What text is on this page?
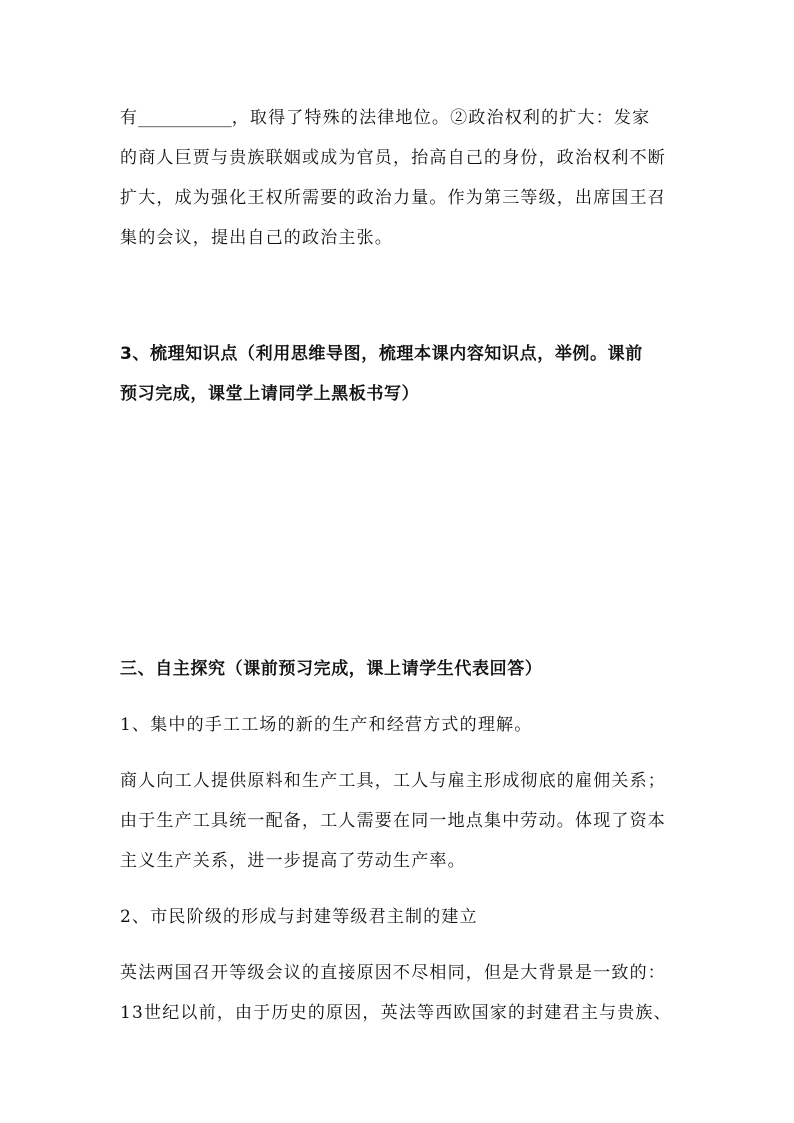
有___________，取得了特殊的法律地位。②政治权利的扩大：发家
的商人巨贾与贵族联姻或成为官员，抬高自己的身份，政治权利不断
扩大，成为强化王权所需要的政治力量。作为第三等级，出席国王召
集的会议，提出自己的政治主张。
3、梳理知识点（利用思维导图，梳理本课内容知识点，举例。课前
预习完成，课堂上请同学上黑板书写）
三、自主探究（课前预习完成，课上请学生代表回答）
1、集中的手工工场的新的生产和经营方式的理解。
商人向工人提供原料和生产工具，工人与雇主形成彻底的雇佣关系；
由于生产工具统一配备，工人需要在同一地点集中劳动。体现了资本
主义生产关系，进一步提高了劳动生产率。
2、市民阶级的形成与封建等级君主制的建立
英法两国召开等级会议的直接原因不尽相同，但是大背景是一致的：
13世纪以前，由于历史的原因，英法等西欧国家的封建君主与贵族、
